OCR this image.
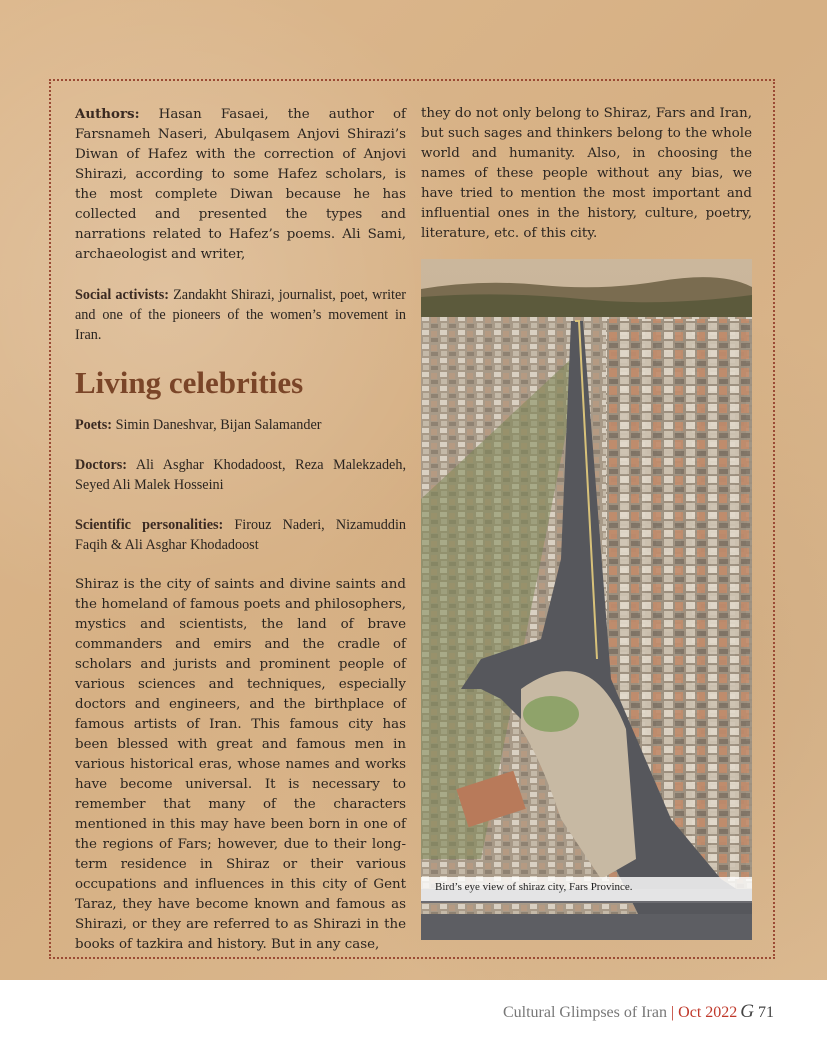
Authors: Hasan Fasaei, the author of Farsnameh Naseri, Abulqasem Anjovi Shirazi’s Diwan of Hafez with the correction of Anjovi Shirazi, according to some Hafez scholars, is the most complete Diwan because he has collected and presented the types and narrations related to Hafez’s poems. Ali Sami, archaeologist and writer,

Social activists: Zandakht Shirazi, journalist, poet, writer and one of the pioneers of the women’s movement in Iran.

Living celebrities

Poets: Simin Daneshvar, Bijan Salamander

Doctors: Ali Asghar Khodadoost, Reza Malekzadeh, Seyed Ali Malek Hosseini

Scientific personalities: Firouz Naderi, Nizamuddin Faqih & Ali Asghar Khodadoost

Shiraz is the city of saints and divine saints and the homeland of famous poets and philosophers, mystics and scientists, the land of brave commanders and emirs and the cradle of scholars and jurists and prominent people of various sciences and techniques, especially doctors and engineers, and the birthplace of famous artists of Iran. This famous city has been blessed with great and famous men in various historical eras, whose names and works have become universal. It is necessary to remember that many of the characters mentioned in this may have been born in one of the regions of Fars; however, due to their long-term residence in Shiraz or their various occupations and influences in this city of Gent Taraz, they have become known and famous as Shirazi, or they are referred to as Shirazi in the books of tazkira and history. But in any case,

they do not only belong to Shiraz, Fars and Iran, but such sages and thinkers belong to the whole world and humanity. Also, in choosing the names of these people without any bias, we have tried to mention the most important and influential ones in the history, culture, poetry, literature, etc. of this city.

Bird’s eye view of shiraz city, Fars Province.
Cultural Glimpses of Iran | Oct 2022 G 71
